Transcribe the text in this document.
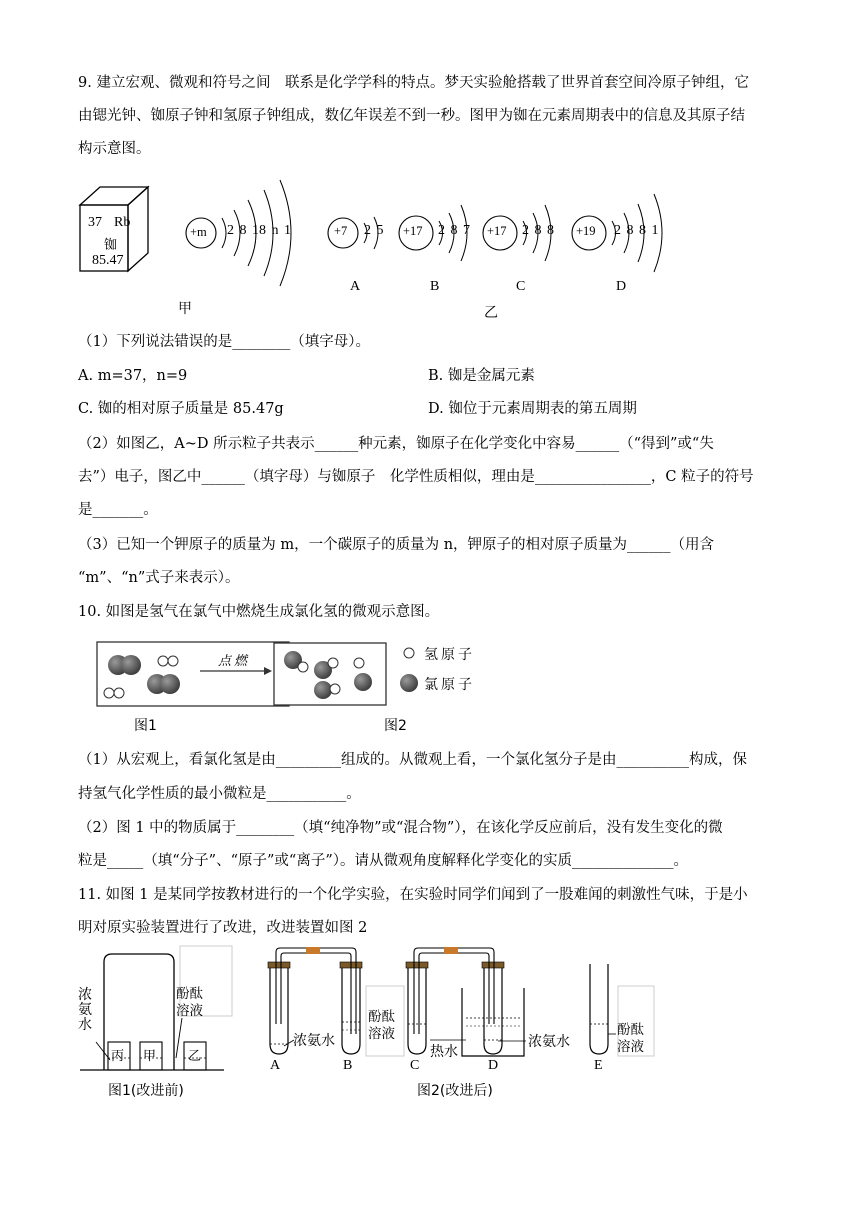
9. 建立宏观、微观和符号之间　联系是化学学科的特点。梦天实验舱搭载了世界首套空间冷原子钟组，它
由锶光钟、铷原子钟和氢原子钟组成，数亿年误差不到一秒。图甲为铷在元素周期表中的信息及其原子结
构示意图。
37 Rb
铷
85.47
+m 2 8 18 n 1
甲
+7 2 5
A
+17 2 8 7
B
+17 2 8 8
C
乙
+19 2 8 8 1
D
（1）下列说法错误的是________（填字母）。
A. m=37，n=9	B. 铷是金属元素
C. 铷的相对原子质量是 85.47g	D. 铷位于元素周期表的第五周期
（2）如图乙，A~D 所示粒子共表示______种元素，铷原子在化学变化中容易______（“得到”或“失
去”）电子，图乙中______（填字母）与铷原子　化学性质相似，理由是________________，C 粒子的符号
是_______。
（3）已知一个钾原子的质量为 m，一个碳原子的质量为 n，钾原子的相对原子质量为______（用含
“m”、“n”式子来表示）。
10. 如图是氢气在氯气中燃烧生成氯化氢的微观示意图。
点燃	氢原子
氯原子
图1	图2
（1）从宏观上，看氯化氢是由_________组成的。从微观上看，一个氯化氢分子是由__________构成，保
持氢气化学性质的最小微粒是___________。
（2）图 1 中的物质属于________（填“纯净物”或“混合物”），在该化学反应前后，没有发生变化的微
粒是_____（填“分子”、“原子”或“离子”）。请从微观角度解释化学变化的实质______________。
11. 如图 1 是某同学按教材进行的一个化学实验，在实验时同学们闻到了一股难闻的刺激性气味，于是小
明对原实验装置进行了改进，改进装置如图 2
浓
氨
水
酚酞
溶液
丙 甲 乙
图1(改进前)
浓氨水
酚酞
溶液
热水
浓氨水
酚酞
溶液
A	B	C	D	E
图2(改进后)
